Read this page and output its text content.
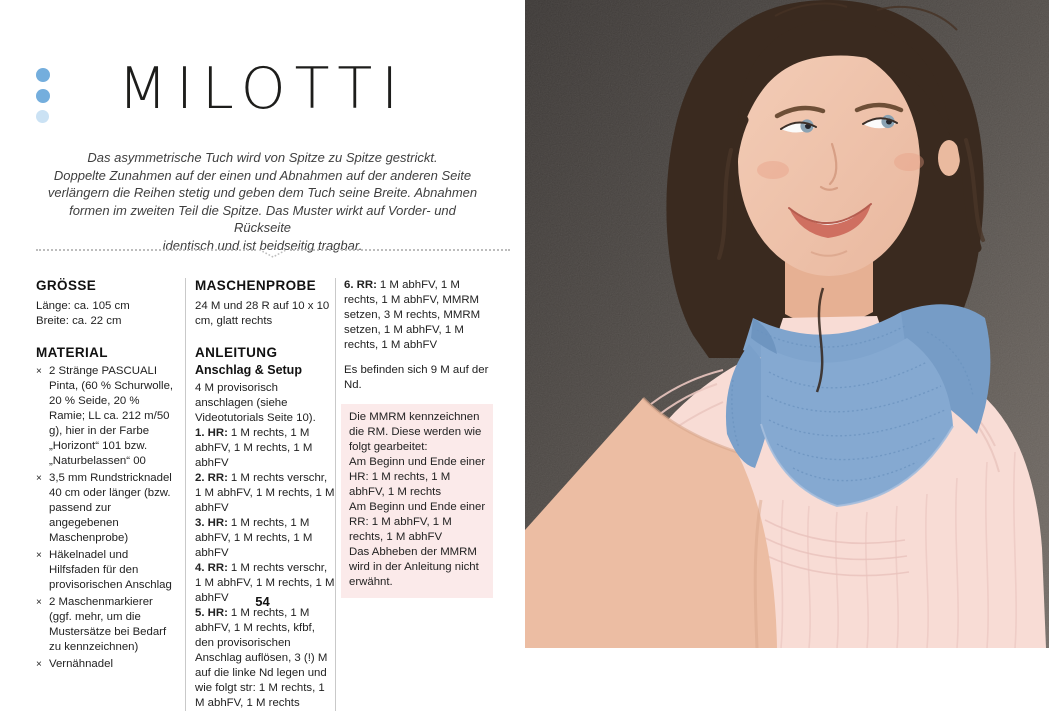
MILOTTI
Das asymmetrische Tuch wird von Spitze zu Spitze gestrickt.
Doppelte Zunahmen auf der einen und Abnahmen auf der anderen Seite
verlängern die Reihen stetig und geben dem Tuch seine Breite. Abnahmen
formen im zweiten Teil die Spitze. Das Muster wirkt auf Vorder- und Rückseite
identisch und ist beidseitig tragbar.

GRÖSSE

Länge: ca. 105 cm
Breite: ca. 22 cm

MATERIAL

× 2 Stränge PASCUALI Pinta, (60 % Schurwolle, 20 % Seide, 20 % Ramie; LL ca. 212 m/50 g), hier in der Farbe „Horizont“ 101 bzw. „Naturbelassen“ 00
× 3,5 mm Rundstricknadel 40 cm oder länger (bzw. passend zur angegebenen Maschenprobe)
× Häkelnadel und Hilfsfaden für den provisorischen Anschlag
× 2 Maschenmarkierer (ggf. mehr, um die Mustersätze bei Bedarf zu kennzeichnen)
× Vernähnadel

MASCHENPROBE

24 M und 28 R auf 10 x 10 cm, glatt rechts

ANLEITUNG

Anschlag & Setup

4 M provisorisch anschlagen (siehe Videotutorials Seite 10).

1. HR: 1 M rechts, 1 M abhFV, 1 M rechts, 1 M abhFV

2. RR: 1 M rechts verschr, 1 M abhFV, 1 M rechts, 1 M abhFV

3. HR: 1 M rechts, 1 M abhFV, 1 M rechts, 1 M abhFV

4. RR: 1 M rechts verschr, 1 M abhFV, 1 M rechts, 1 M abhFV

5. HR: 1 M rechts, 1 M abhFV, 1 M rechts, kfbf, den provisorischen Anschlag auflösen, 3 (!) M auf die linke Nd legen und wie folgt str: 1 M rechts, 1 M abhFV, 1 M rechts

6. RR: 1 M abhFV, 1 M rechts, 1 M abhFV, MMRM setzen, 3 M rechts, MMRM setzen, 1 M abhFV, 1 M rechts, 1 M abhFV

Es befinden sich 9 M auf der Nd.

Die MMRM kennzeichnen die RM. Diese werden wie folgt gearbeitet:

Am Beginn und Ende einer HR: 1 M rechts, 1 M abhFV, 1 M rechts

Am Beginn und Ende einer RR: 1 M abhFV, 1 M rechts, 1 M abhFV

Das Abheben der MMRM wird in der Anleitung nicht erwähnt.

54
